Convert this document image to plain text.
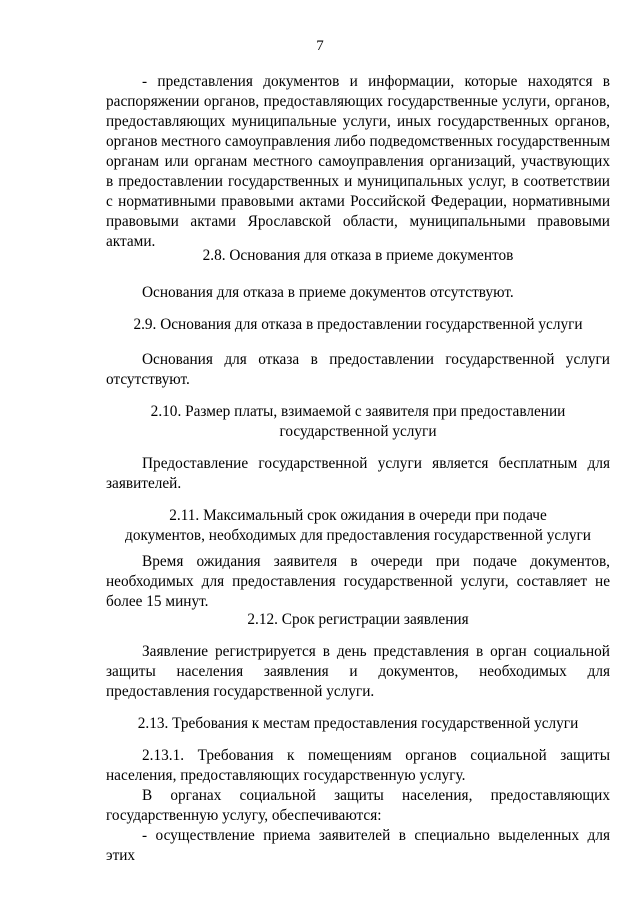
7

- представления документов и информации, которые находятся в распоряжении органов, предоставляющих государственные услуги, органов, предоставляющих муниципальные услуги, иных государственных органов, органов местного самоуправления либо подведомственных государственным органам или органам местного самоуправления организаций, участвующих в предоставлении государственных и муниципальных услуг, в соответствии с нормативными правовыми актами Российской Федерации, нормативными правовыми актами Ярославской области, муниципальными правовыми актами.

2.8. Основания для отказа в приеме документов

Основания для отказа в приеме документов отсутствуют.

2.9. Основания для отказа в предоставлении государственной услуги

Основания для отказа в предоставлении государственной услуги отсутствуют.

2.10. Размер платы, взимаемой с заявителя при предоставлении

государственной услуги

Предоставление государственной услуги является бесплатным для заявителей.

2.11. Максимальный срок ожидания в очереди при подаче

документов, необходимых для предоставления государственной услуги

Время ожидания заявителя в очереди при подаче документов, необходимых для предоставления государственной услуги, составляет не более 15 минут.

2.12. Срок регистрации заявления

Заявление регистрируется в день представления в орган социальной защиты населения заявления и документов, необходимых для предоставления государственной услуги.

2.13. Требования к местам предоставления государственной услуги

2.13.1. Требования к помещениям органов социальной защиты населения, предоставляющих государственную услугу.

В органах социальной защиты населения, предоставляющих государственную услугу, обеспечиваются:

- осуществление приема заявителей в специально выделенных для этих
